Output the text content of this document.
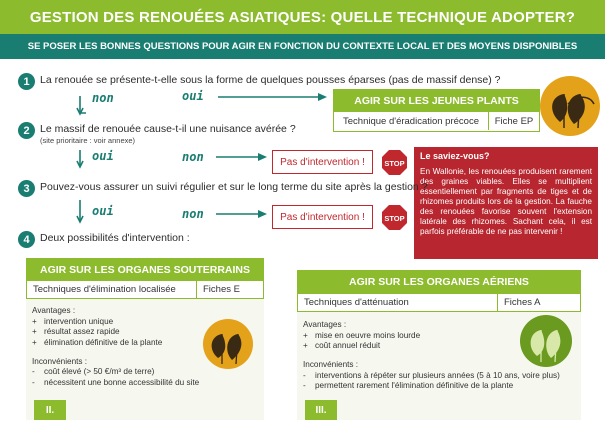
GESTION DES RENOUÉES ASIATIQUES: QUELLE TECHNIQUE ADOPTER?
SE POSER LES BONNES QUESTIONS POUR AGIR EN FONCTION DU CONTEXTE LOCAL ET DES MOYENS DISPONIBLES
1 La renouée se présente-t-elle sous la forme de quelques pousses éparses (pas de massif dense) ?
non	oui	AGIR SUR LES JEUNES PLANTS
Technique d'éradication précoce	Fiche EP
2 Le massif de renouée cause-t-il une nuisance avérée ?
(site prioritaire : voir annexe)
oui	non	Pas d'intervention !	STOP
Le saviez-vous?
En Wallonie, les renouées produisent rarement des graines viables. Elles se multiplient essentiellement par fragments de tiges et de rhizomes produits lors de la gestion. La fauche des renouées favorise souvent l'extension latérale des rhizomes. Sachant cela, il est parfois préférable de ne pas intervenir !
3 Pouvez-vous assurer un suivi régulier et sur le long terme du site après la gestion ?
oui	non	Pas d'intervention !	STOP
4 Deux possibilités d'intervention :
AGIR SUR LES ORGANES SOUTERRAINS
Techniques d'élimination localisée	Fiches E
Avantages :
+ intervention unique
+ résultat assez rapide
+ élimination définitive de la plante
Inconvénients :
-	coût élevé (> 50 €/m³ de terre)
-	nécessitent une bonne accessibilité du site
II.
AGIR SUR LES ORGANES AÉRIENS
Techniques d'atténuation	Fiches A
Avantages :
+ mise en oeuvre moins lourde
+ coût annuel réduit
Inconvénients :
-	interventions à répéter sur plusieurs années (5 à 10 ans, voire plus)
-	permettent rarement l'élimination définitive de la plante
III.
